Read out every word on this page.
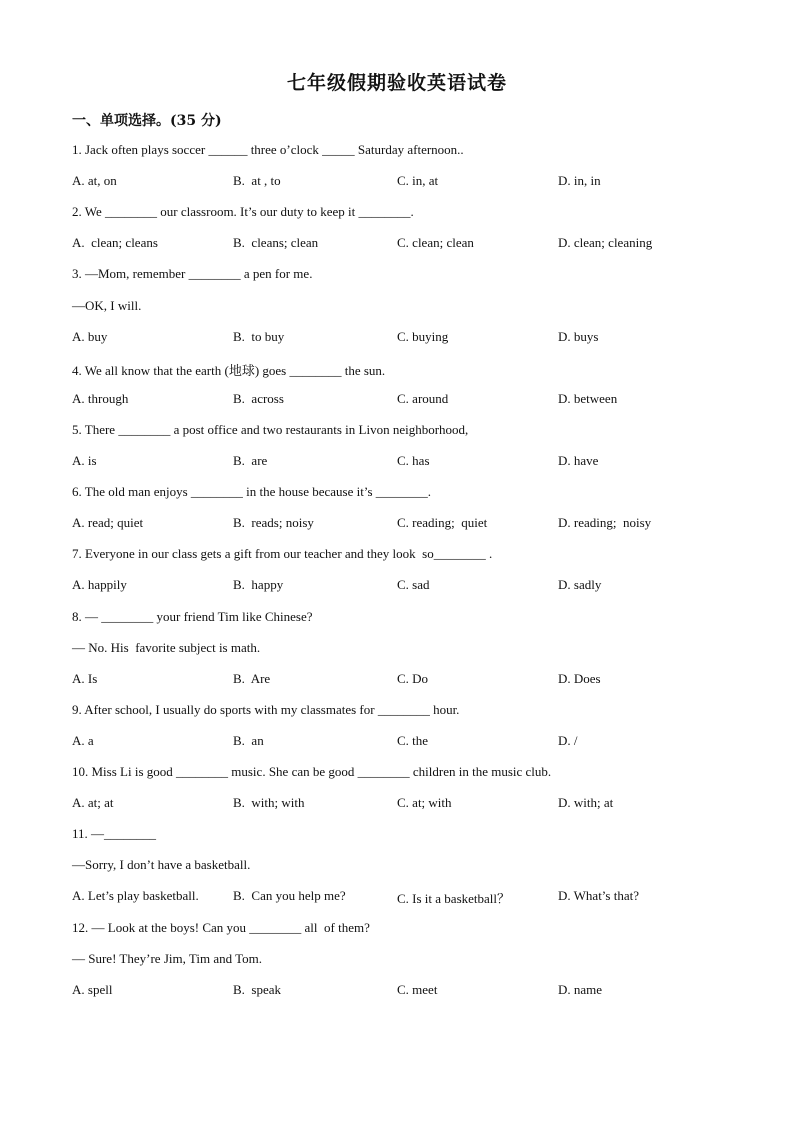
七年级假期验收英语试卷
一、单项选择。(35 分)
1. Jack often plays soccer ______ three o’clock _____ Saturday afternoon..
A. at, on	B.  at , to	C. in, at	D. in, in
2. We ________ our classroom. It’s our duty to keep it ________.
A.  clean; cleans	B.  cleans; clean	C. clean; clean	D. clean; cleaning
3. —Mom, remember ________ a pen for me.
—OK, I will.
A. buy	B.  to buy	C. buying	D. buys
4. We all know that the earth (地球) goes ________ the sun.
A. through	B.  across	C. around	D. between
5. There ________ a post office and two restaurants in Livon neighborhood,
A. is	B.  are	C. has	D. have
6. The old man enjoys ________ in the house because it’s ________.
A. read; quiet	B.  reads; noisy	C. reading;  quiet	D. reading;  noisy
7. Everyone in our class gets a gift from our teacher and they look  so________ .
A. happily	B.  happy	C. sad	D. sadly
8. — ________ your friend Tim like Chinese?
— No. His  favorite subject is math.
A. Is	B.  Are	C. Do	D. Does
9. After school, I usually do sports with my classmates for ________ hour.
A. a	B.  an	C. the	D. /
10. Miss Li is good ________ music. She can be good ________ children in the music club.
A. at; at	B.  with; with	C. at; with	D. with; at
11. —________
—Sorry, I don’t have a basketball.
A. Let’s play basketball.	B.  Can you help me?	C. Is it a basketball？	D. What’s that?
12. — Look at the boys! Can you ________ all  of them?
— Sure! They’re Jim, Tim and Tom.
A. spell	B.  speak	C. meet	D. name
